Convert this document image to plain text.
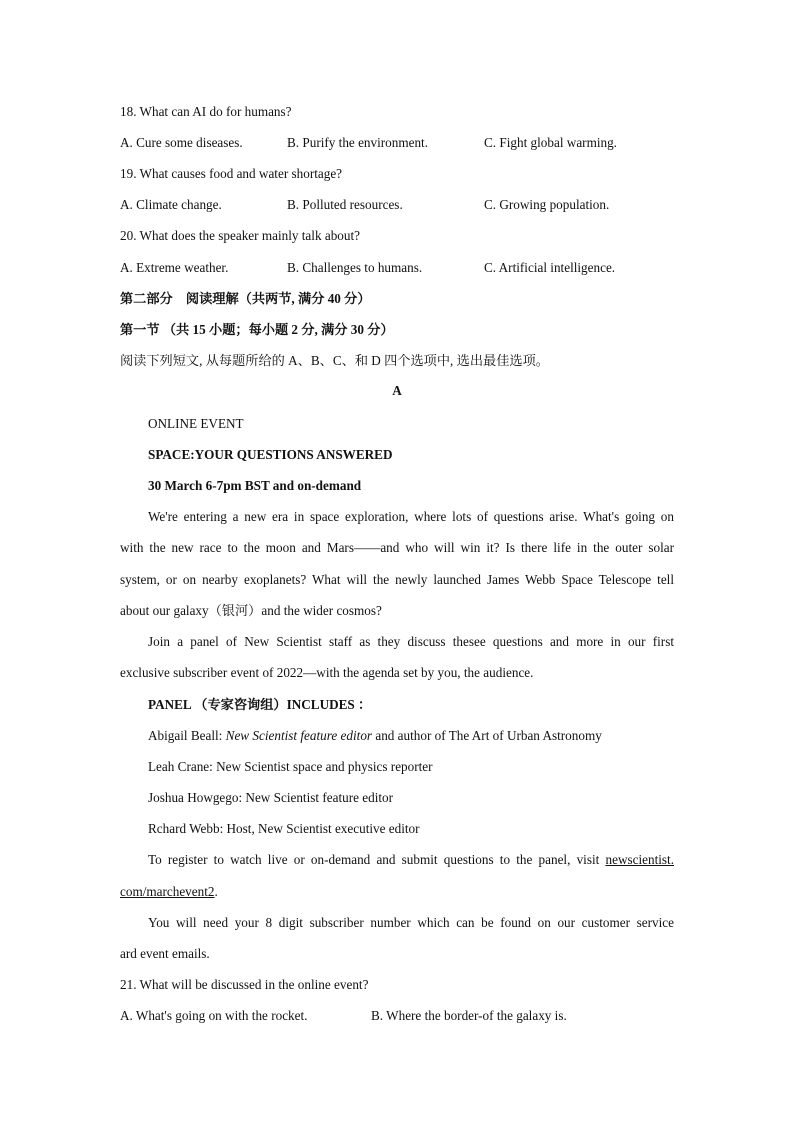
18. What can AI do for humans?
A. Cure some diseases.	B. Purify the environment.	C. Fight global warming.
19. What causes food and water shortage?
A. Climate change.	B. Polluted resources.	C. Growing population.
20. What does the speaker mainly talk about?
A. Extreme weather.	B. Challenges to humans.	C. Artificial intelligence.
第二部分　阅读理解（共两节, 满分 40 分）
第一节 （共 15 小题；每小题 2 分, 满分 30 分）
阅读下列短文, 从每题所给的 A、B、C、和 D 四个选项中, 选出最佳选项。
A
ONLINE EVENT
SPACE:YOUR QUESTIONS ANSWERED
30 March 6-7pm BST and on-demand
We're entering a new era in space exploration, where lots of questions arise. What's going on
with the new race to the moon and Mars——and who will win it? Is there life in the outer solar
system, or on nearby exoplanets? What will the newly launched James Webb Space Telescope tell
about our galaxy（银河）and the wider cosmos?
Join a panel of New Scientist staff as they discuss thesee questions and more in our first
exclusive subscriber event of 2022—with the agenda set by you, the audience.
PANEL （专家咨询组）INCLUDES ：
Abigail Beall: New Scientist feature editor and author of The Art of Urban Astronomy
Leah Crane: New Scientist space and physics reporter
Joshua Howgego: New Scientist feature editor
Rchard Webb: Host, New Scientist executive editor
To register to watch live or on-demand and submit questions to the panel, visit newscientist.
com/marchevent2.
You will need your 8 digit subscriber number which can be found on our customer service
ard event emails.
21. What will be discussed in the online event?
A. What's going on with the rocket.	B. Where the border-of the galaxy is.
